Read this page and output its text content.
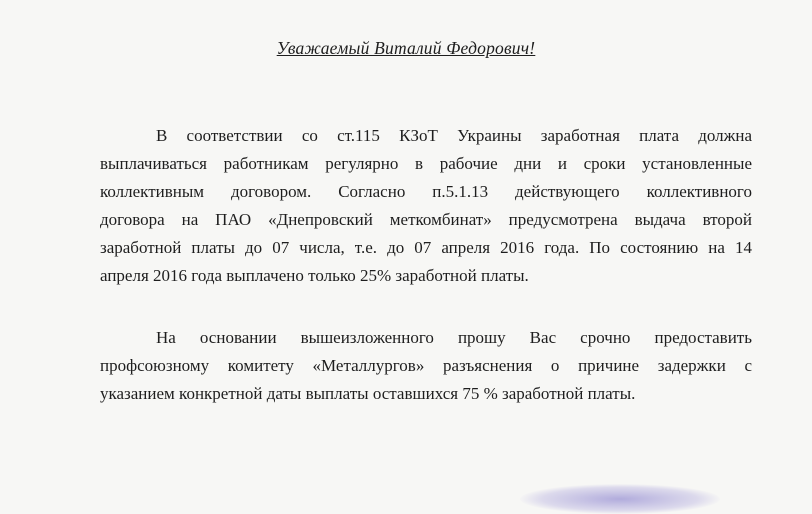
Уважаемый Виталий Федорович!
В соответствии со ст.115 КЗоТ Украины заработная плата должна
выплачиваться работникам регулярно в рабочие дни и сроки установленные
коллективным договором. Согласно п.5.1.13 действующего коллективного
договора на ПАО «Днепровский меткомбинат» предусмотрена выдача второй
заработной платы до 07 числа, т.е. до 07 апреля 2016 года. По состоянию на 14
апреля 2016 года выплачено только 25% заработной платы.
На основании вышеизложенного прошу Вас срочно предоставить
профсоюзному комитету «Металлургов» разъяснения о причине задержки с
указанием конкретной даты выплаты оставшихся 75 % заработной платы.
